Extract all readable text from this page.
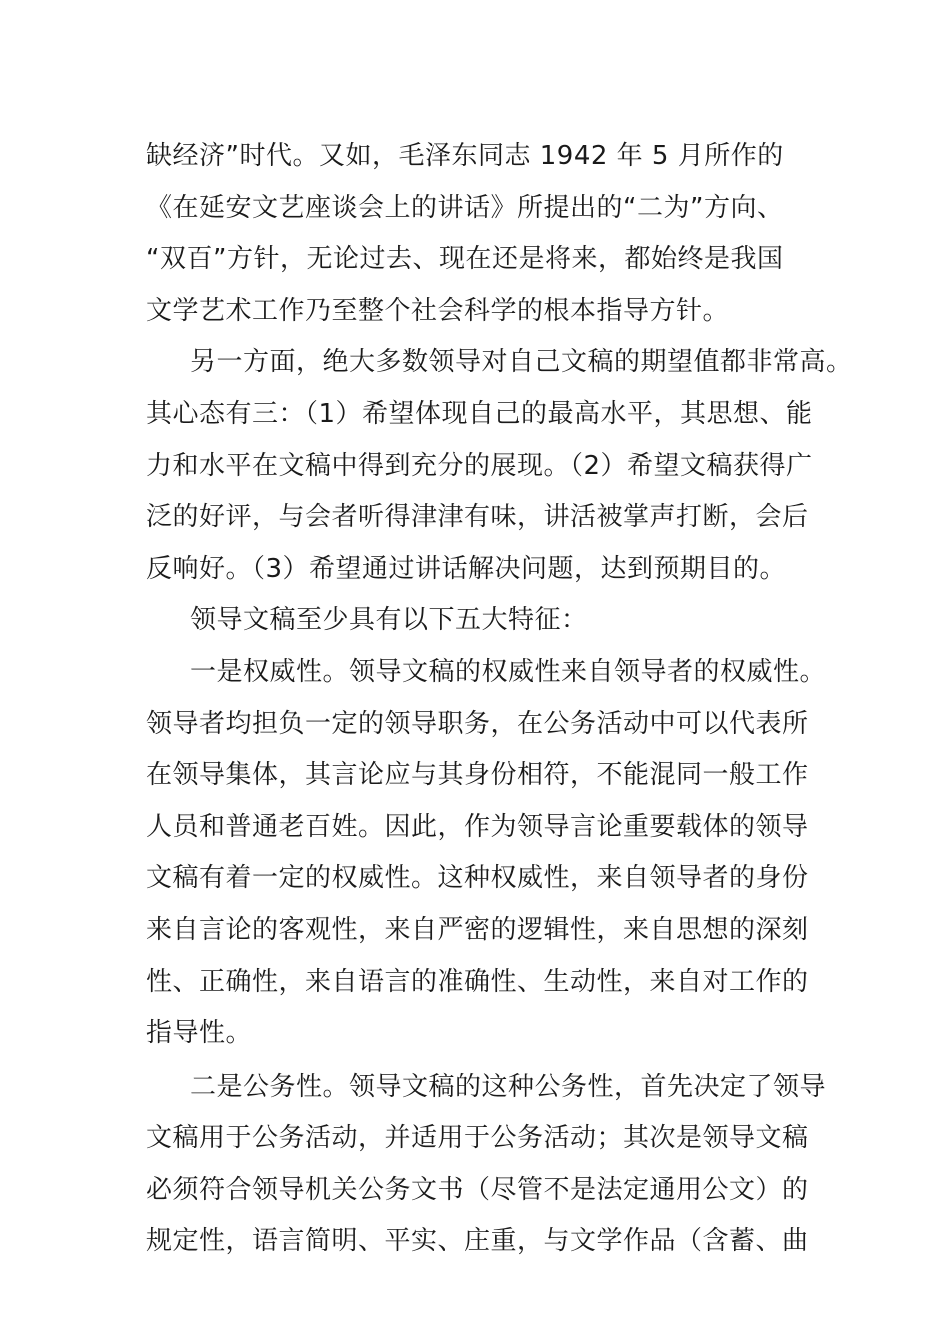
缺经济”时代。又如，毛泽东同志 1942 年 5 月所作的
《在延安文艺座谈会上的讲话》所提出的“二为”方向、
“双百”方针，无论过去、现在还是将来，都始终是我国
文学艺术工作乃至整个社会科学的根本指导方针。
另一方面，绝大多数领导对自己文稿的期望值都非常高。
其心态有三：（1）希望体现自己的最高水平，其思想、能
力和水平在文稿中得到充分的展现。（2）希望文稿获得广
泛的好评，与会者听得津津有味，讲活被掌声打断，会后
反响好。（3）希望通过讲话解决问题，达到预期目的。
领导文稿至少具有以下五大特征：
一是权威性。领导文稿的权威性来自领导者的权威性。
领导者均担负一定的领导职务，在公务活动中可以代表所
在领导集体，其言论应与其身份相符，不能混同一般工作
人员和普通老百姓。因此，作为领导言论重要载体的领导
文稿有着一定的权威性。这种权威性，来自领导者的身份
来自言论的客观性，来自严密的逻辑性，来自思想的深刻
性、正确性，来自语言的准确性、生动性，来自对工作的
指导性。
二是公务性。领导文稿的这种公务性，首先决定了领导
文稿用于公务活动，并适用于公务活动；其次是领导文稿
必须符合领导机关公务文书（尽管不是法定通用公文）的
规定性，语言简明、平实、庄重，与文学作品（含蓄、曲
